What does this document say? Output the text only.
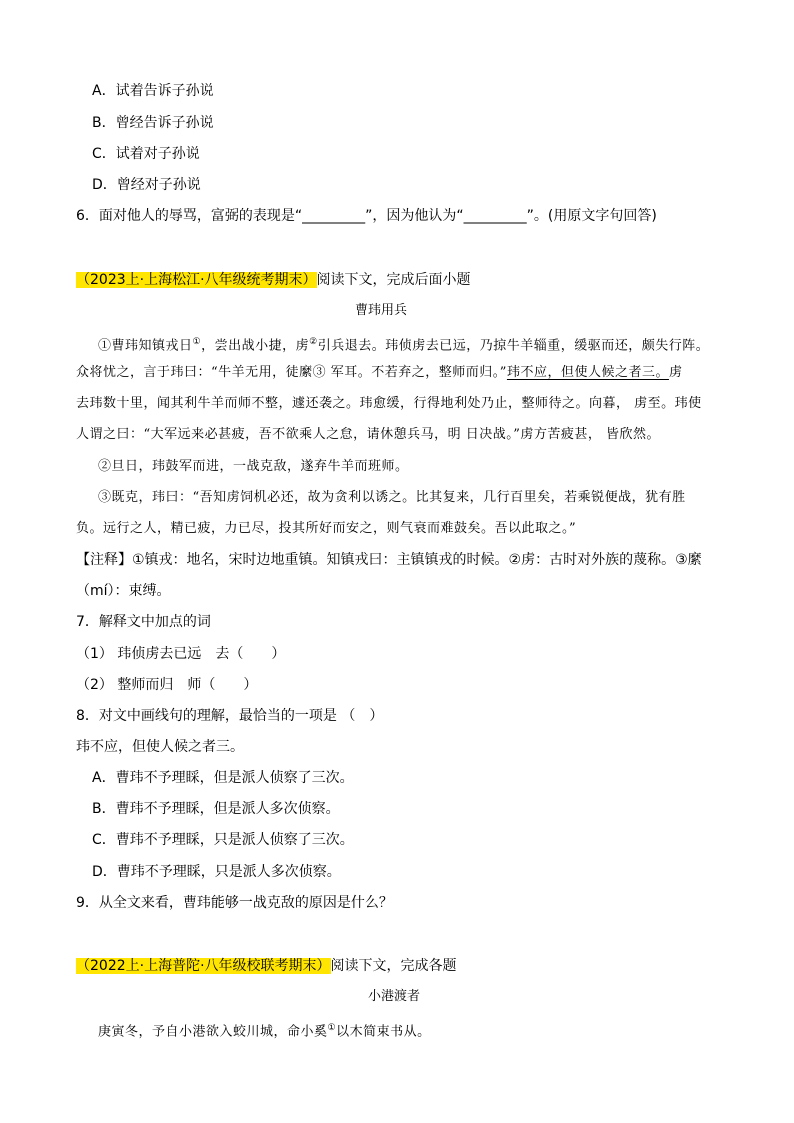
A．试着告诉子孙说
B．曾经告诉子孙说
C．试着对子孙说
D．曾经对子孙说
6．面对他人的辱骂，富弼的表现是“_________”，因为他认为“_________”。(用原文字句回答)
（2023上·上海松江·八年级统考期末）阅读下文，完成后面小题
曹玮用兵
①曹玮知镇戎日①，尝出战小捷，虏②引兵退去。玮侦虏去已远，乃掠牛羊辎重，缓驱而还，颇失行阵。
众将忧之，言于玮曰：“牛羊无用，徒縻③ 军耳。不若弃之，整师而归。”玮不应，但使人候之者三。虏
去玮数十里，闻其利牛羊而师不整，遽还袭之。玮愈缓，行得地利处乃止，整师待之。向暮， 虏至。玮使
人谓之曰：“大军远来必甚疲，吾不欲乘人之怠，请休憩兵马，明 日决战。”虏方苦疲甚， 皆欣然。
②旦日，玮鼓军而进，一战克敌，遂弃牛羊而班师。
③既克，玮曰：“吾知虏饲机必还，故为贪利以诱之。比其复来，几行百里矣，若乘锐便战，犹有胜
负。远行之人，精已疲，力已尽，投其所好而安之，则气衰而难鼓矣。吾以此取之。”
【注释】①镇戎：地名，宋时边地重镇。知镇戎曰：主镇镇戎的时候。②虏：古时对外族的蔑称。③縻
（mí）：束缚。
7．解释文中加点的词
（1） 玮侦虏去已远　去（　　）
（2） 整师而归　师（　　）
8．对文中画线句的理解，最恰当的一项是 （　）
玮不应，但使人候之者三。
A．曹玮不予理睬，但是派人侦察了三次。
B．曹玮不予理睬，但是派人多次侦察。
C．曹玮不予理睬，只是派人侦察了三次。
D．曹玮不予理睬，只是派人多次侦察。
9．从全文来看，曹玮能够一战克敌的原因是什么？
（2022上·上海普陀·八年级校联考期末）阅读下文，完成各题
小港渡者
庚寅冬，予自小港欲入蛟川城，命小奚①以木简束书从。
